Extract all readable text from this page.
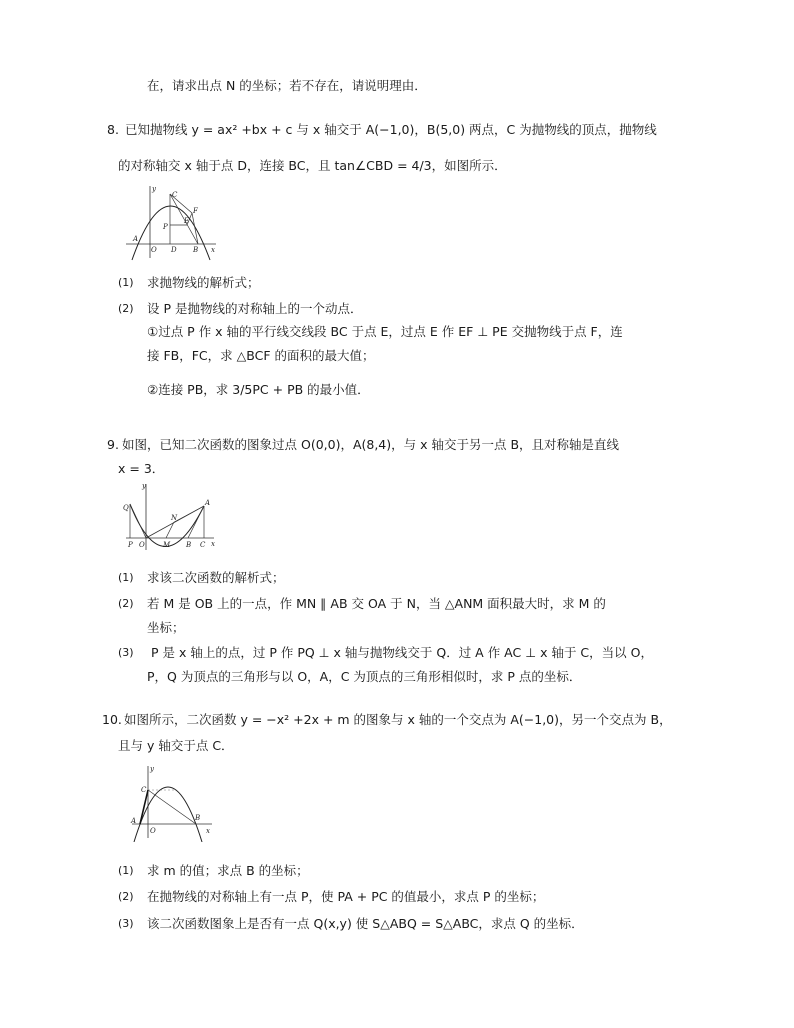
在，请求出点 N 的坐标；若不存在，请说明理由．
8. 已知抛物线 y = ax² +bx + c 与 x 轴交于 A(−1,0)，B(5,0) 两点，C 为抛物线的顶点，抛物线
的对称轴交 x 轴于点 D，连接 BC，且 tan∠CBD = 4/3，如图所示．
y
C
F
P
E
A
O D B x
(1) 求抛物线的解析式；
(2) 设 P 是抛物线的对称轴上的一个动点．
①过点 P 作 x 轴的平行线交线段 BC 于点 E，过点 E 作 EF ⊥ PE 交抛物线于点 F，连
接 FB，FC，求 △BCF 的面积的最大值；
②连接 PB，求 3/5PC + PB 的最小值．
9. 如图，已知二次函数的图象过点 O(0,0)，A(8,4)，与 x 轴交于另一点 B，且对称轴是直线
x = 3．
y
Q
N
A
P O	M B C x
(1) 求该二次函数的解析式；
(2) 若 M 是 OB 上的一点，作 MN ∥ AB 交 OA 于 N，当 △ANM 面积最大时，求 M 的
坐标；
(3) P 是 x 轴上的点，过 P 作 PQ ⊥ x 轴与抛物线交于 Q．过 A 作 AC ⊥ x 轴于 C，当以 O，
P，Q 为顶点的三角形与以 O，A，C 为顶点的三角形相似时，求 P 点的坐标．
10. 如图所示，二次函数 y = −x² +2x + m 的图象与 x 轴的一个交点为 A(−1,0)，另一个交点为 B，
且与 y 轴交于点 C．
y
C
A
O
B
x
(1) 求 m 的值；求点 B 的坐标；
(2) 在抛物线的对称轴上有一点 P，使 PA + PC 的值最小，求点 P 的坐标；
(3) 该二次函数图象上是否有一点 Q(x,y) 使 S△ABQ = S△ABC，求点 Q 的坐标．
